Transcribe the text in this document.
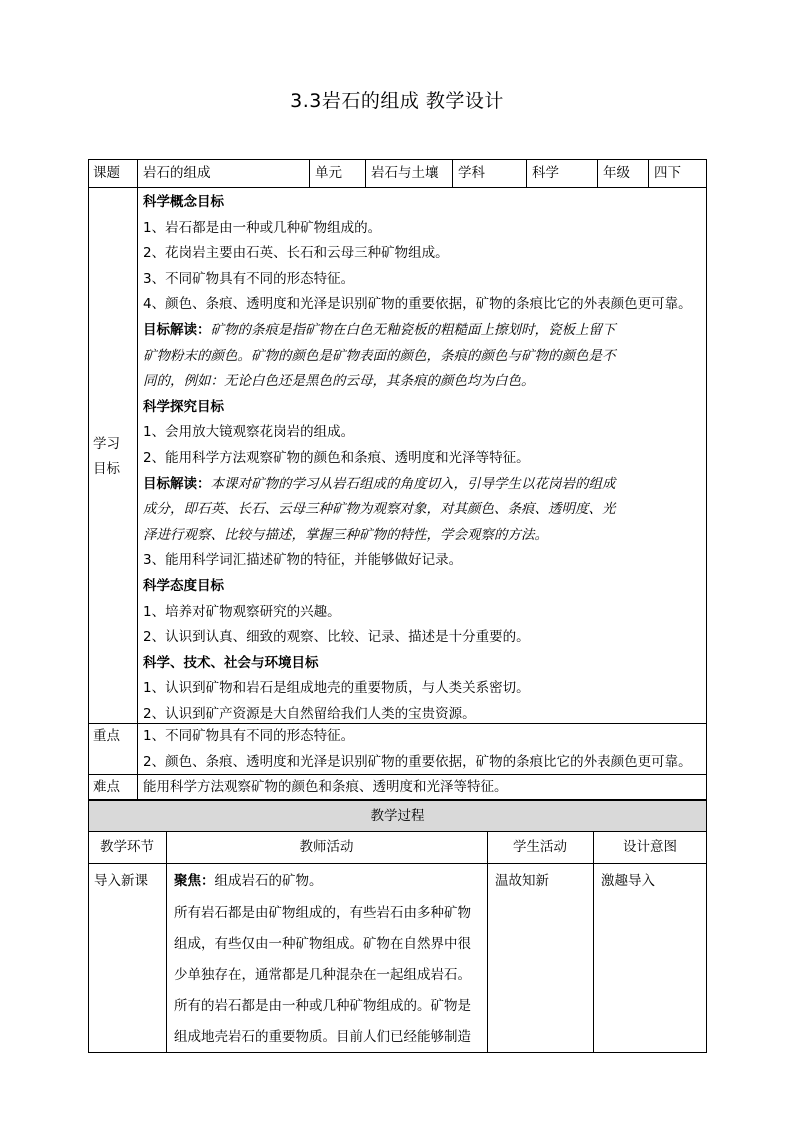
3.3岩石的组成 教学设计
课题 岩石的组成	单元 岩石与土壤 学科	科学	年级 四下
学习
目标
科学概念目标
1、岩石都是由一种或几种矿物组成的。
2、花岗岩主要由石英、长石和云母三种矿物组成。
3、不同矿物具有不同的形态特征。
4、颜色、条痕、透明度和光泽是识别矿物的重要依据，矿物的条痕比它的外表颜色更可靠。
目标解读：矿物的条痕是指矿物在白色无釉瓷板的粗糙面上擦划时，瓷板上留下
矿物粉末的颜色。矿物的颜色是矿物表面的颜色，条痕的颜色与矿物的颜色是不
同的，例如：无论白色还是黑色的云母，其条痕的颜色均为白色。
科学探究目标
1、会用放大镜观察花岗岩的组成。
2、能用科学方法观察矿物的颜色和条痕、透明度和光泽等特征。
目标解读：本课对矿物的学习从岩石组成的角度切入，引导学生以花岗岩的组成
成分，即石英、长石、云母三种矿物为观察对象，对其颜色、条痕、透明度、光
泽进行观察、比较与描述，掌握三种矿物的特性，学会观察的方法。
3、能用科学词汇描述矿物的特征，并能够做好记录。
科学态度目标
1、培养对矿物观察研究的兴趣。
2、认识到认真、细致的观察、比较、记录、描述是十分重要的。
科学、技术、社会与环境目标
1、认识到矿物和岩石是组成地壳的重要物质，与人类关系密切。
2、认识到矿产资源是大自然留给我们人类的宝贵资源。
重点 1、不同矿物具有不同的形态特征。
2、颜色、条痕、透明度和光泽是识别矿物的重要依据，矿物的条痕比它的外表颜色更可靠。
难点 能用科学方法观察矿物的颜色和条痕、透明度和光泽等特征。
教学过程
教学环节	教师活动	学生活动	设计意图
导入新课 聚焦：组成岩石的矿物。
所有岩石都是由矿物组成的，有些岩石由多种矿物
组成，有些仅由一种矿物组成。矿物在自然界中很
少单独存在，通常都是几种混杂在一起组成岩石。
所有的岩石都是由一种或几种矿物组成的。矿物是
组成地壳岩石的重要物质。目前人们已经能够制造
温故知新	激趣导入
